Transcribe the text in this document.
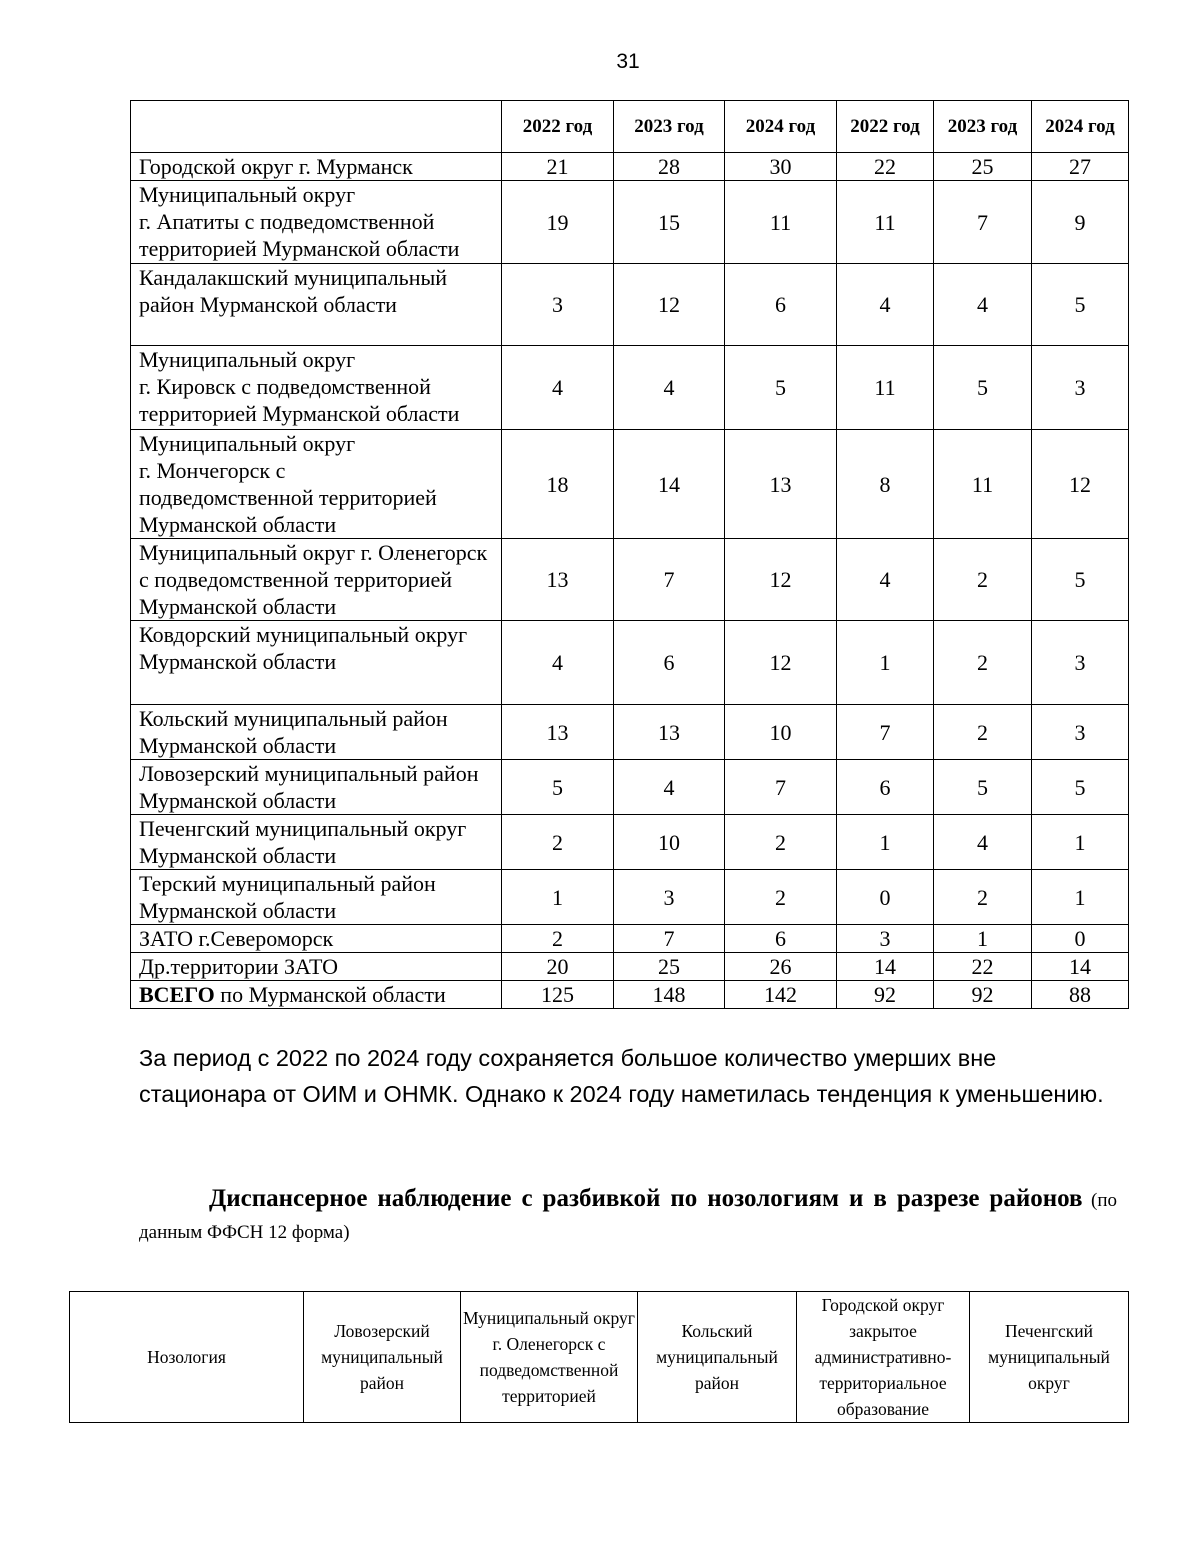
31
	2022 год	2023 год	2024 год	2022 год	2023 год	2024 год
Городской округ г. Мурманск	21	28	30	22	25	27
Муниципальный округ
г. Апатиты с подведомственной территорией Мурманской области	19	15	11	11	7	9
Кандалакшский муниципальный район Мурманской области	3	12	6	4	4	5
Муниципальный округ
г. Кировск с подведомственной территорией Мурманской области	4	4	5	11	5	3
Муниципальный округ
г. Мончегорск с
подведомственной территорией Мурманской области	18	14	13	8	11	12
Муниципальный округ г. Оленегорск с подведомственной территорией Мурманской области	13	7	12	4	2	5
Ковдорский муниципальный округ Мурманской области	4	6	12	1	2	3
Кольский муниципальный район Мурманской области	13	13	10	7	2	3
Ловозерский муниципальный район Мурманской области	5	4	7	6	5	5
Печенгский муниципальный округ Мурманской области	2	10	2	1	4	1
Терский муниципальный район Мурманской области	1	3	2	0	2	1
ЗАТО г.Североморск	2	7	6	3	1	0
Др.территории ЗАТО	20	25	26	14	22	14
ВСЕГО по Мурманской области	125	148	142	92	92	88

За период с 2022 по 2024 году сохраняется большое количество умерших вне стационара от ОИМ и ОНМК. Однако к 2024 году наметилась тенденция к уменьшению.

Диспансерное наблюдение с разбивкой по нозологиям и в разрезе районов (по данным ФФСН 12 форма)

Нозология	Ловозерский муниципальный район	Муниципальный округ
г. Оленегорск с подведомственной территорией	Кольский муниципальный район	Городской округ закрытое административно-территориальное образование	Печенгский муниципальный округ
